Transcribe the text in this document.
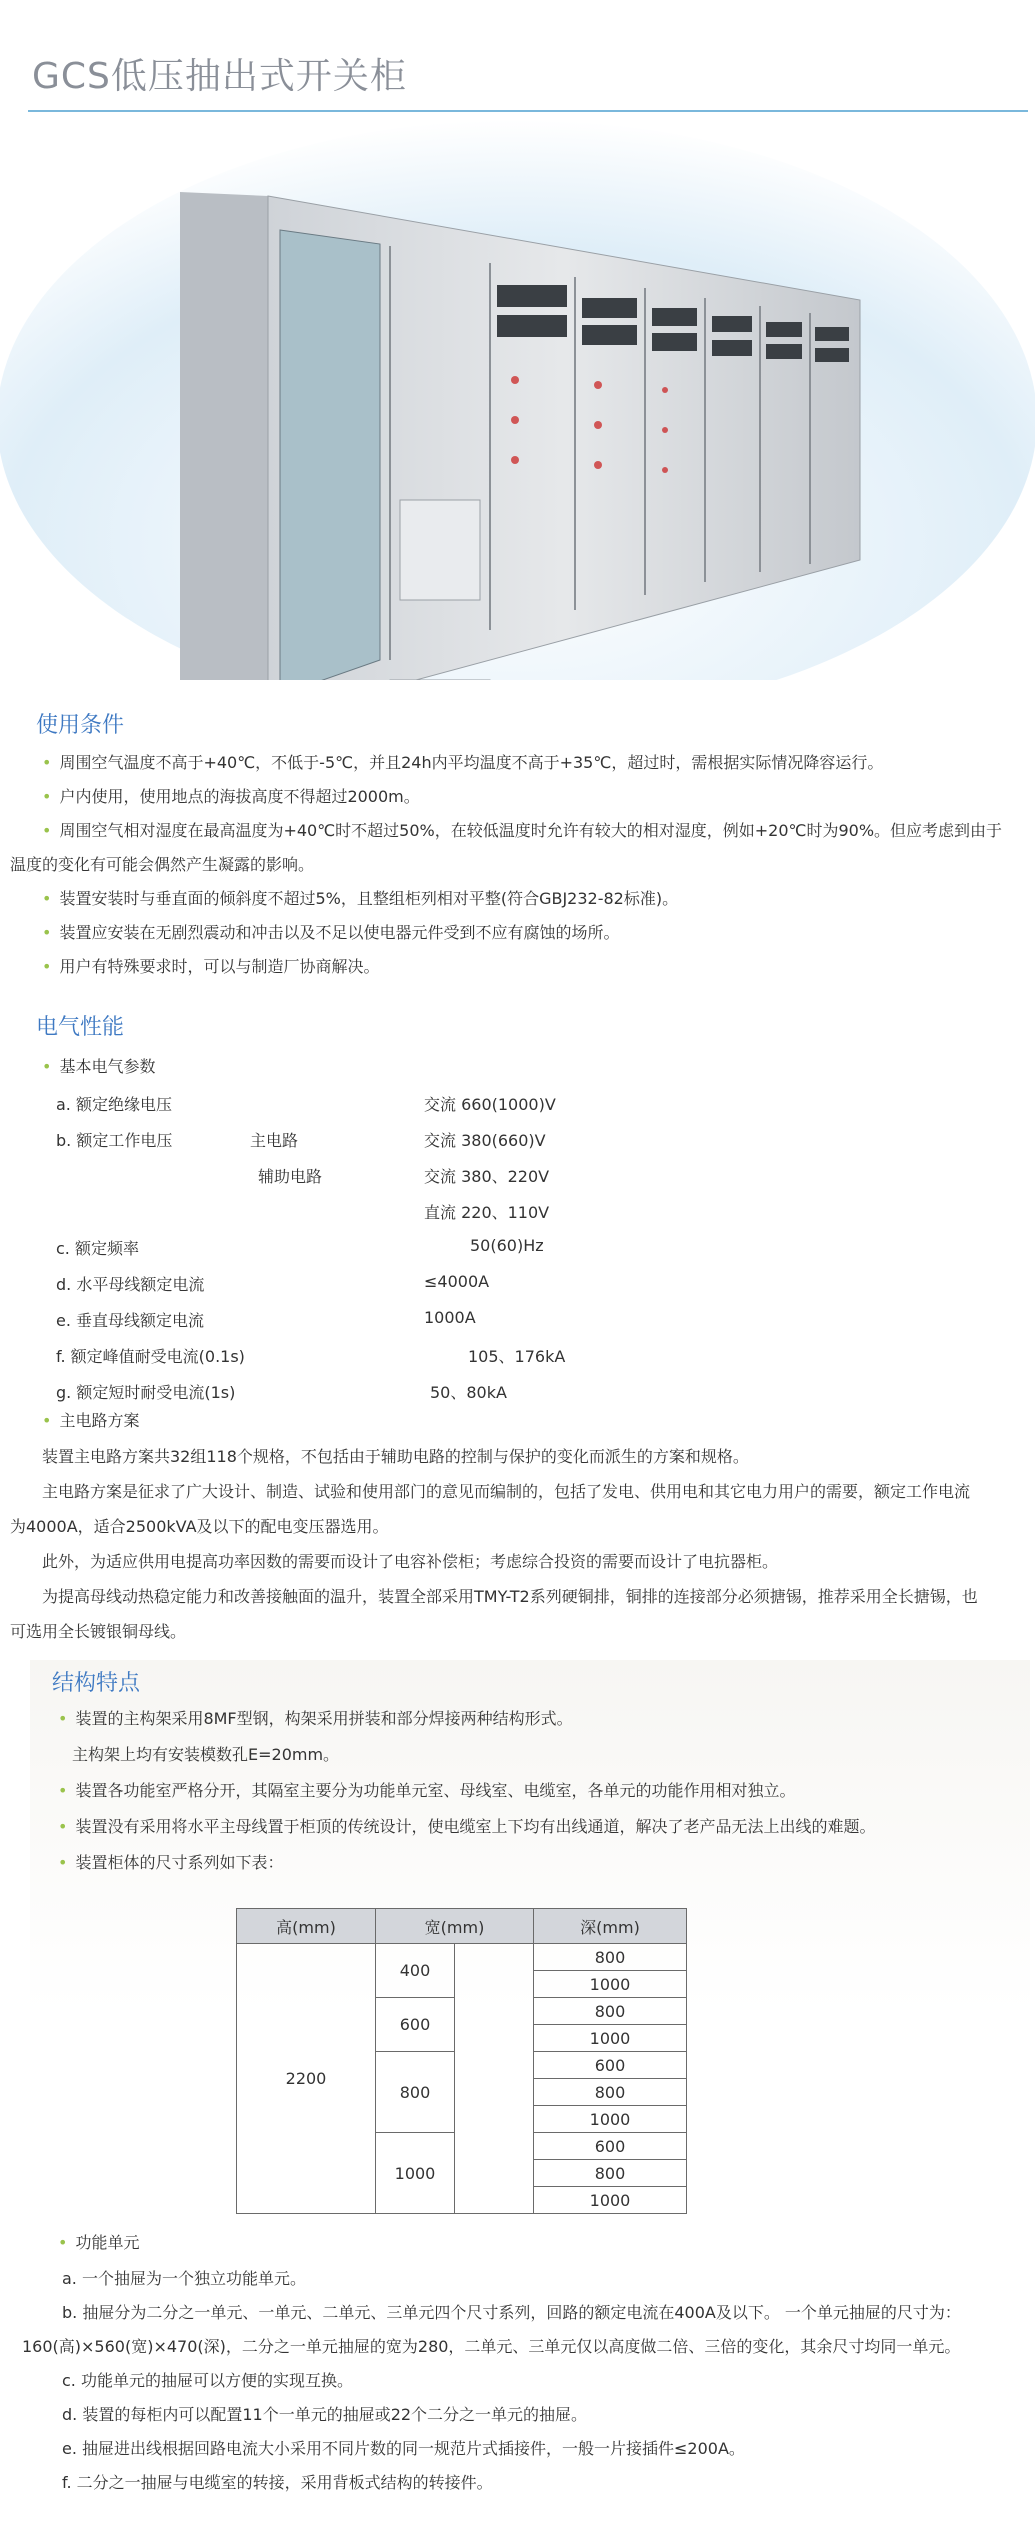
GCS低压抽出式开关柜
使用条件
• 周围空气温度不高于+40℃，不低于-5℃，并且24h内平均温度不高于+35℃，超过时，需根据实际情况降容运行。
• 户内使用，使用地点的海拔高度不得超过2000m。
• 周围空气相对湿度在最高温度为+40℃时不超过50%，在较低温度时允许有较大的相对湿度，例如+20℃时为90%。但应考虑到由于
温度的变化有可能会偶然产生凝露的影响。
• 装置安装时与垂直面的倾斜度不超过5%，且整组柜列相对平整(符合GBJ232-82标准)。
• 装置应安装在无剧烈震动和冲击以及不足以使电器元件受到不应有腐蚀的场所。
• 用户有特殊要求时，可以与制造厂协商解决。
电气性能
• 基本电气参数
a. 额定绝缘电压	交流 660(1000)V
b. 额定工作电压	主电路	交流 380(660)V
辅助电路	交流 380、220V
直流 220、110V
c. 额定频率	50(60)Hz
d. 水平母线额定电流	≤4000A
e. 垂直母线额定电流	1000A
f. 额定峰值耐受电流(0.1s)	105、176kA
g. 额定短时耐受电流(1s)	50、80kA
• 主电路方案
装置主电路方案共32组118个规格，不包括由于辅助电路的控制与保护的变化而派生的方案和规格。
主电路方案是征求了广大设计、制造、试验和使用部门的意见而编制的，包括了发电、供用电和其它电力用户的需要，额定工作电流
为4000A，适合2500kVA及以下的配电变压器选用。
此外，为适应供用电提高功率因数的需要而设计了电容补偿柜；考虑综合投资的需要而设计了电抗器柜。
为提高母线动热稳定能力和改善接触面的温升，装置全部采用TMY-T2系列硬铜排，铜排的连接部分必须搪锡，推荐采用全长搪锡，也
可选用全长镀银铜母线。
结构特点
• 装置的主构架采用8MF型钢，构架采用拼装和部分焊接两种结构形式。
主构架上均有安装模数孔E=20mm。
• 装置各功能室严格分开，其隔室主要分为功能单元室、母线室、电缆室，各单元的功能作用相对独立。
• 装置没有采用将水平主母线置于柜顶的传统设计，使电缆室上下均有出线通道，解决了老产品无法上出线的难题。
• 装置柜体的尺寸系列如下表：
高(mm)	宽(mm)		深(mm)
2200	400		800
			1000
	600		800
			1000
	800		600
			800
			1000
	1000		600
			800
			1000
• 功能单元
a. 一个抽屉为一个独立功能单元。
b. 抽屉分为二分之一单元、一单元、二单元、三单元四个尺寸系列，回路的额定电流在400A及以下。 一个单元抽屉的尺寸为：
160(高)×560(宽)×470(深)，二分之一单元抽屉的宽为280，二单元、三单元仅以高度做二倍、三倍的变化，其余尺寸均同一单元。
c. 功能单元的抽屉可以方便的实现互换。
d. 装置的每柜内可以配置11个一单元的抽屉或22个二分之一单元的抽屉。
e. 抽屉进出线根据回路电流大小采用不同片数的同一规范片式插接件，一般一片接插件≤200A。
f. 二分之一抽屉与电缆室的转接，采用背板式结构的转接件。
